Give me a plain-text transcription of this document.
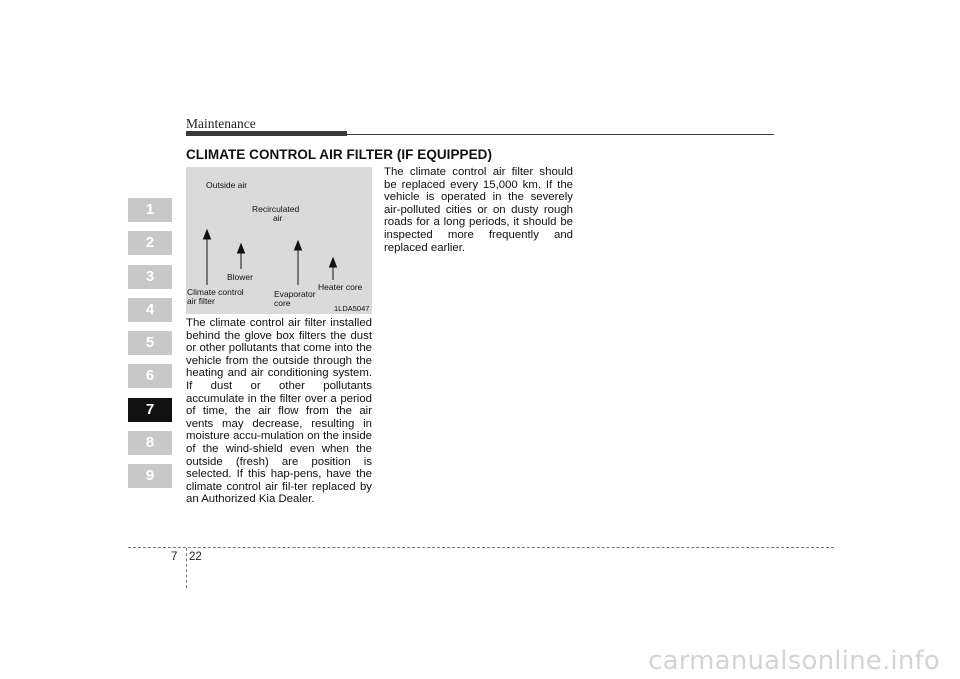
Maintenance
CLIMATE CONTROL AIR FILTER (IF EQUIPPED)
1
2
3
4
5
6
7
8
9
Outside air
Recirculated
air
Blower
Climate control
air filter
Evaporator
core
Heater core
1LDA5047
The climate control air filter installed behind the glove box filters the dust or other pollutants that come into the vehicle from the outside through the heating and air conditioning system. If dust or other pollutants accumulate in the filter over a period of time, the air flow from the air vents may decrease, resulting in moisture accu-mulation on the inside of the wind-shield even when the outside (fresh) are position is selected. If this hap-pens, have the climate control air fil-ter replaced by an Authorized Kia Dealer.
The climate control air filter should be replaced every 15,000 km. If the vehicle is operated in the severely air-polluted cities or on dusty rough roads for a long periods, it should be inspected more frequently and replaced earlier.
7 22
carmanualsonline.info
